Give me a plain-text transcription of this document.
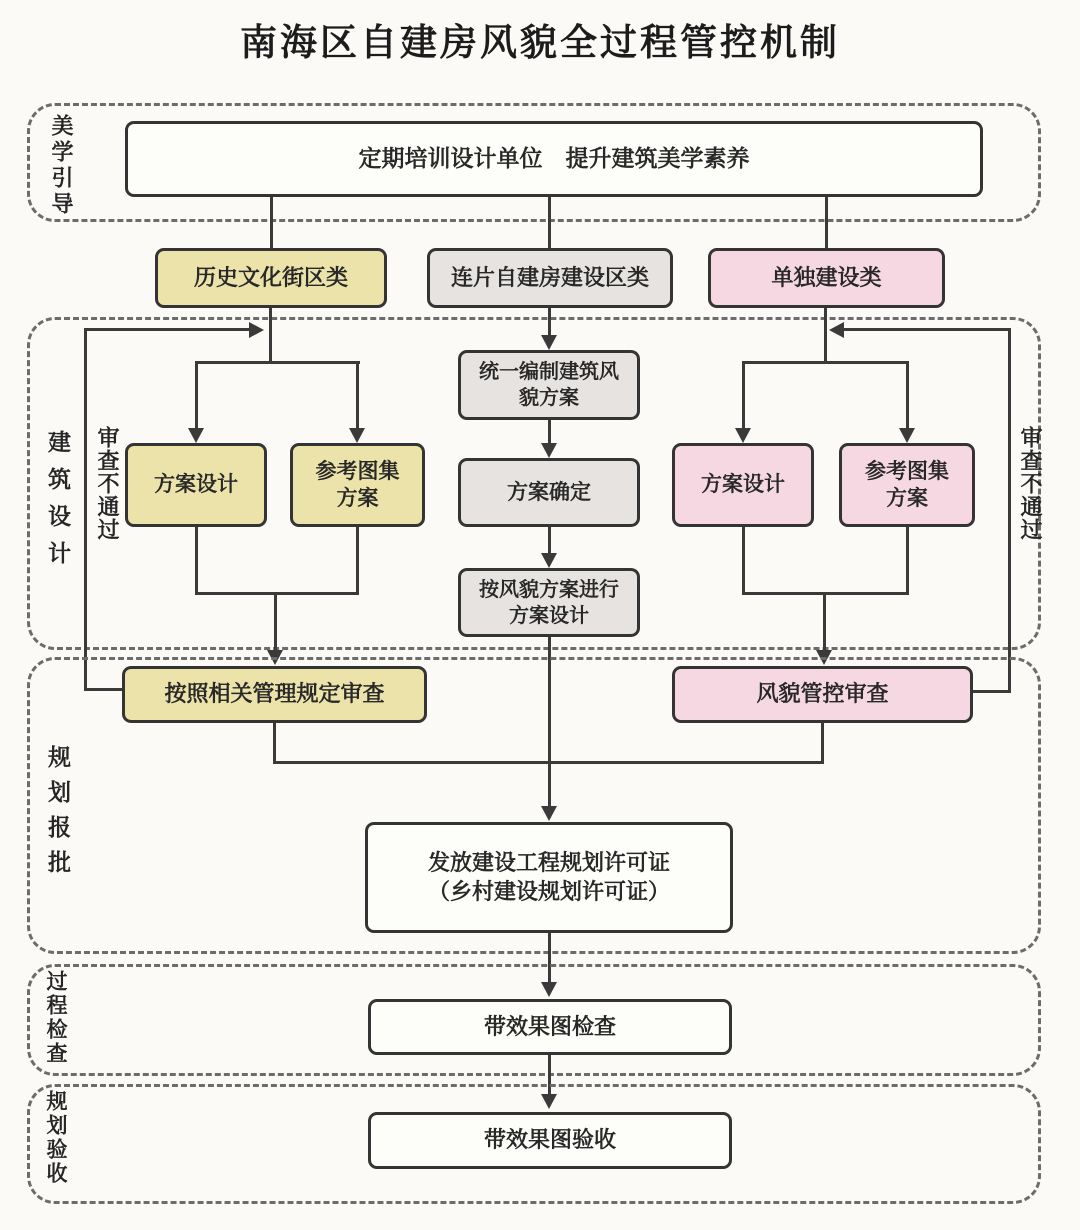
南海区自建房风貌全过程管控机制
美学引导	定期培训设计单位　提升建筑美学素养
历史文化街区类	连片自建房建设区类	单独建设类
建筑设计 审查不通过 方案设计
参考图集
方案
统一编制建筑风
貌方案
方案确定
按风貌方案进行
方案设计
审查不通过
方案设计
参考图集
方案
规划报批
按照相关管理规定审查	风貌管控审查
发放建设工程规划许可证
（乡村建设规划许可证）
过程检查	带效果图检查
规划验收	带效果图验收
